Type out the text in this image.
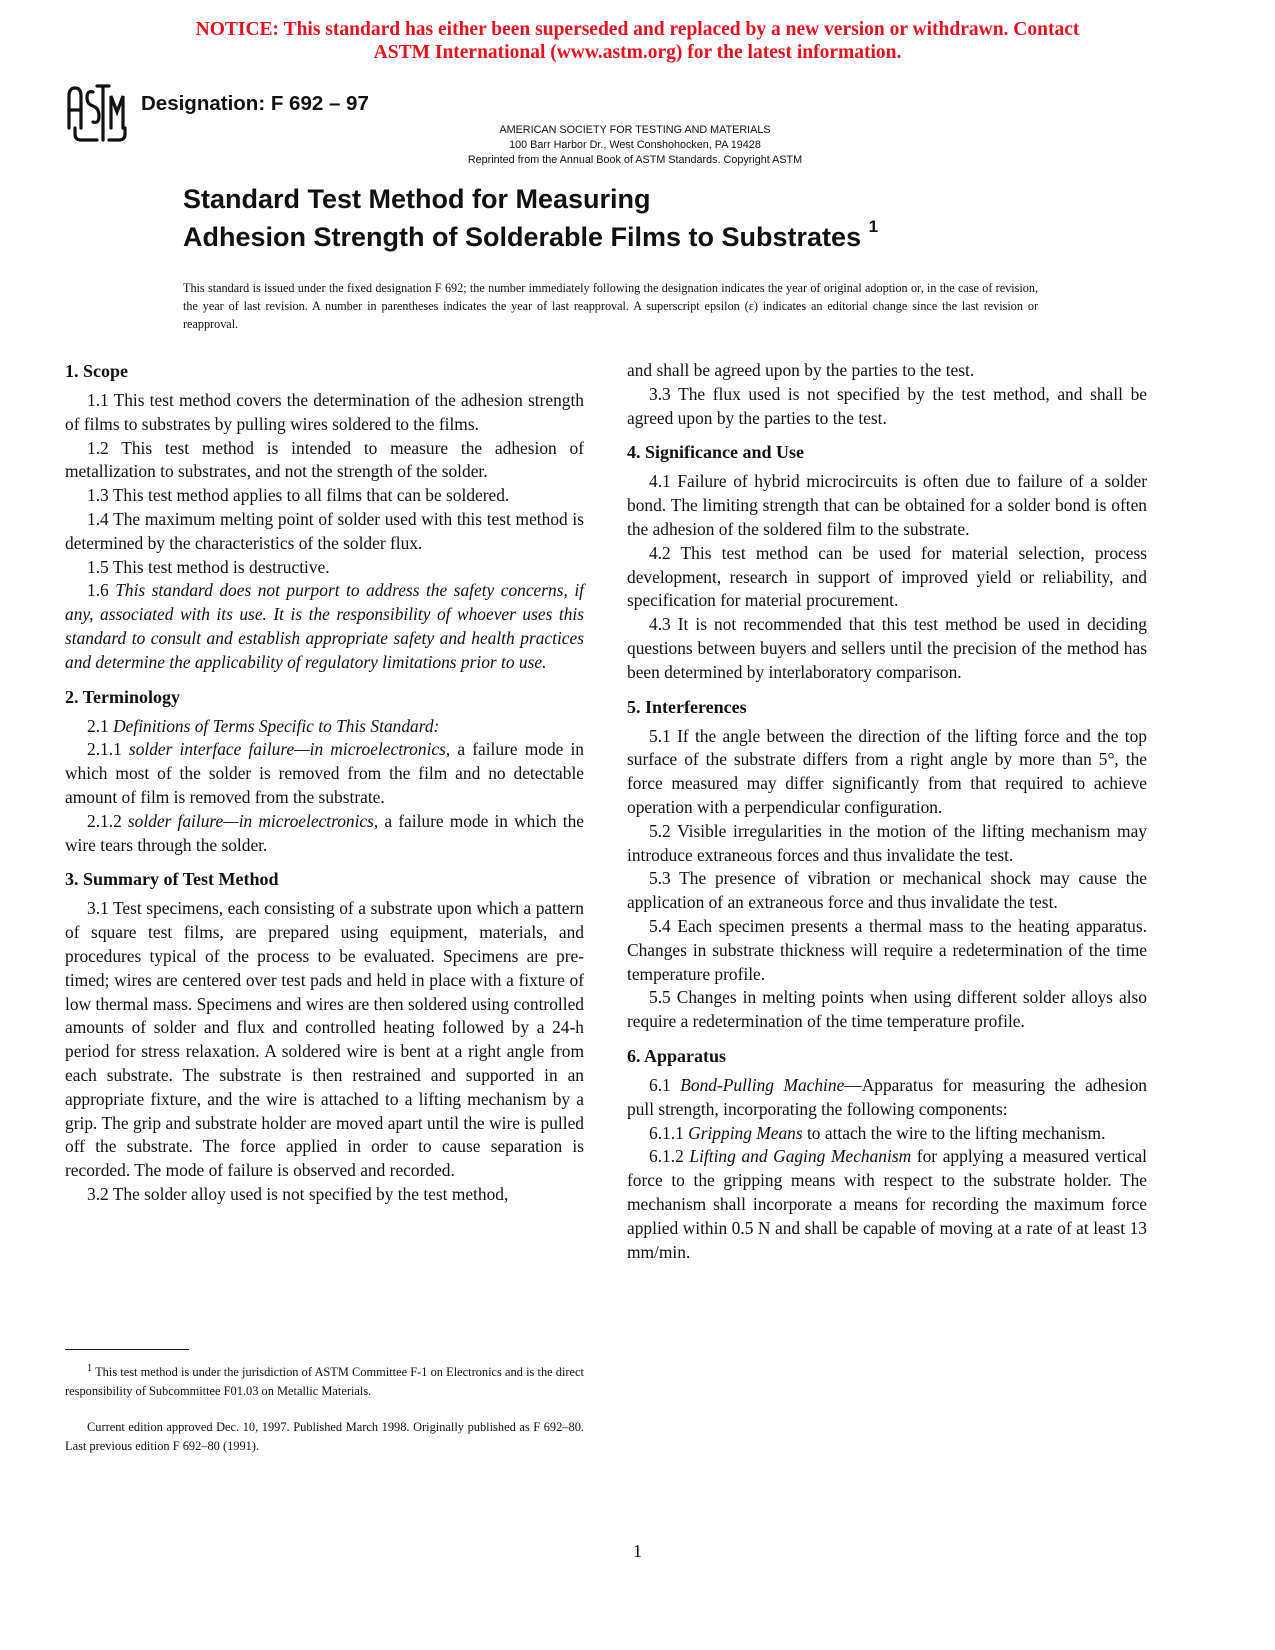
NOTICE: This standard has either been superseded and replaced by a new version or withdrawn. Contact
ASTM International (www.astm.org) for the latest information.
Designation: F 692 – 97
AMERICAN SOCIETY FOR TESTING AND MATERIALS
100 Barr Harbor Dr., West Conshohocken, PA 19428
Reprinted from the Annual Book of ASTM Standards. Copyright ASTM
Standard Test Method for Measuring
Adhesion Strength of Solderable Films to Substrates $^1$
This standard is issued under the fixed designation F 692; the number immediately following the designation indicates the year of original adoption or, in the case of revision, the year of last revision. A number in parentheses indicates the year of last reapproval. A superscript epsilon (ε) indicates an editorial change since the last revision or reapproval.
1. Scope

1.1 This test method covers the determination of the adhesion strength of films to substrates by pulling wires soldered to the films.

1.2 This test method is intended to measure the adhesion of metallization to substrates, and not the strength of the solder.

1.3 This test method applies to all films that can be soldered.

1.4 The maximum melting point of solder used with this test method is determined by the characteristics of the solder flux.

1.5 This test method is destructive.

1.6 This standard does not purport to address the safety concerns, if any, associated with its use. It is the responsibility of whoever uses this standard to consult and establish appropriate safety and health practices and determine the applicability of regulatory limitations prior to use.

2. Terminology

2.1 Definitions of Terms Specific to This Standard:

2.1.1 solder interface failure—in microelectronics, a failure mode in which most of the solder is removed from the film and no detectable amount of film is removed from the substrate.

2.1.2 solder failure—in microelectronics, a failure mode in which the wire tears through the solder.

3. Summary of Test Method

3.1 Test specimens, each consisting of a substrate upon which a pattern of square test films, are prepared using equipment, materials, and procedures typical of the process to be evaluated. Specimens are pre-timed; wires are centered over test pads and held in place with a fixture of low thermal mass. Specimens and wires are then soldered using controlled amounts of solder and flux and controlled heating followed by a 24-h period for stress relaxation. A soldered wire is bent at a right angle from each substrate. The substrate is then restrained and supported in an appropriate fixture, and the wire is attached to a lifting mechanism by a grip. The grip and substrate holder are moved apart until the wire is pulled off the substrate. The force applied in order to cause separation is recorded. The mode of failure is observed and recorded.

3.2 The solder alloy used is not specified by the test method,

and shall be agreed upon by the parties to the test.

3.3 The flux used is not specified by the test method, and shall be agreed upon by the parties to the test.

4. Significance and Use

4.1 Failure of hybrid microcircuits is often due to failure of a solder bond. The limiting strength that can be obtained for a solder bond is often the adhesion of the soldered film to the substrate.

4.2 This test method can be used for material selection, process development, research in support of improved yield or reliability, and specification for material procurement.

4.3 It is not recommended that this test method be used in deciding questions between buyers and sellers until the precision of the method has been determined by interlaboratory comparison.

5. Interferences

5.1 If the angle between the direction of the lifting force and the top surface of the substrate differs from a right angle by more than 5°, the force measured may differ significantly from that required to achieve operation with a perpendicular configuration.

5.2 Visible irregularities in the motion of the lifting mechanism may introduce extraneous forces and thus invalidate the test.

5.3 The presence of vibration or mechanical shock may cause the application of an extraneous force and thus invalidate the test.

5.4 Each specimen presents a thermal mass to the heating apparatus. Changes in substrate thickness will require a redetermination of the time temperature profile.

5.5 Changes in melting points when using different solder alloys also require a redetermination of the time temperature profile.

6. Apparatus

6.1 Bond-Pulling Machine—Apparatus for measuring the adhesion pull strength, incorporating the following components:

6.1.1 Gripping Means to attach the wire to the lifting mechanism.

6.1.2 Lifting and Gaging Mechanism for applying a measured vertical force to the gripping means with respect to the substrate holder. The mechanism shall incorporate a means for recording the maximum force applied within 0.5 N and shall be capable of moving at a rate of at least 13 mm/min.

$^1$ This test method is under the jurisdiction of ASTM Committee F-1 on Electronics and is the direct responsibility of Subcommittee F01.03 on Metallic Materials.

Current edition approved Dec. 10, 1997. Published March 1998. Originally published as F 692–80. Last previous edition F 692–80 (1991).

1
